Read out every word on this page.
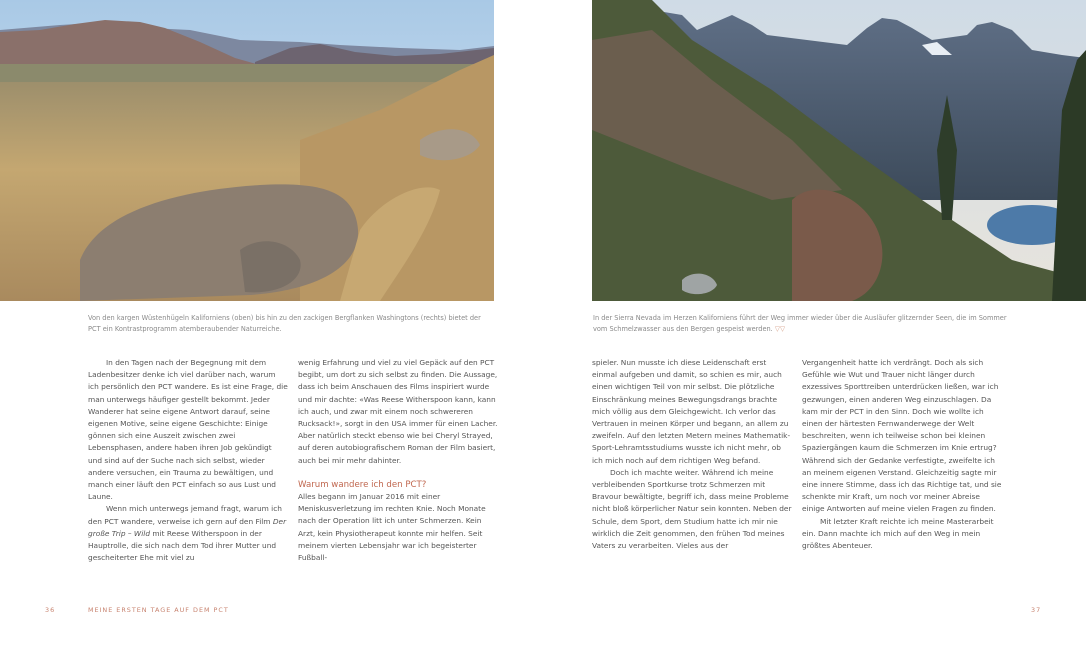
Von den kargen Wüstenhügeln Kaliforniens (oben) bis hin zu den zackigen Bergflanken Washingtons (rechts) bietet der PCT ein Kontrastprogramm atemberaubender Naturreiche.

In den Tagen nach der Begegnung mit dem Ladenbesitzer denke ich viel darüber nach, warum ich persönlich den PCT wandere. Es ist eine Frage, die man unterwegs häufiger gestellt bekommt. Jeder Wanderer hat seine eigene Antwort darauf, seine eigenen Motive, seine eigene Geschichte: Einige gönnen sich eine Auszeit zwischen zwei Lebensphasen, andere haben ihren Job gekündigt und sind auf der Suche nach sich selbst, wieder andere versuchen, ein Trauma zu bewältigen, und manch einer läuft den PCT einfach so aus Lust und Laune.

Wenn mich unterwegs jemand fragt, warum ich den PCT wandere, verweise ich gern auf den Film Der große Trip – Wild mit Reese Witherspoon in der Hauptrolle, die sich nach dem Tod ihrer Mutter und gescheiterter Ehe mit viel zu

wenig Erfahrung und viel zu viel Gepäck auf den PCT begibt, um dort zu sich selbst zu finden. Die Aussage, dass ich beim Anschauen des Films inspiriert wurde und mir dachte: «Was Reese Witherspoon kann, kann ich auch, und zwar mit einem noch schwereren Rucksack!», sorgt in den USA immer für einen Lacher. Aber natürlich steckt ebenso wie bei Cheryl Strayed, auf deren autobiografischem Roman der Film basiert, auch bei mir mehr dahinter.

Warum wandere ich den PCT?

Alles begann im Januar 2016 mit einer Meniskusverletzung im rechten Knie. Noch Monate nach der Operation litt ich unter Schmerzen. Kein Arzt, kein Physiotherapeut konnte mir helfen. Seit meinem vierten Lebensjahr war ich begeisterter Fußball-

36	MEINE ERSTEN TAGE AUF DEM PCT
In der Sierra Nevada im Herzen Kaliforniens führt der Weg immer wieder über die Ausläufer glitzernder Seen, die im Sommer vom Schmelzwasser aus den Bergen gespeist werden. ▽▽

spieler. Nun musste ich diese Leidenschaft erst einmal aufgeben und damit, so schien es mir, auch einen wichtigen Teil von mir selbst. Die plötzliche Einschränkung meines Bewegungsdrangs brachte mich völlig aus dem Gleichgewicht. Ich verlor das Vertrauen in meinen Körper und begann, an allem zu zweifeln. Auf den letzten Metern meines Mathematik-Sport-Lehramtsstudiums wusste ich nicht mehr, ob ich mich noch auf dem richtigen Weg befand.

Doch ich machte weiter. Während ich meine verbleibenden Sportkurse trotz Schmerzen mit Bravour bewältigte, begriff ich, dass meine Probleme nicht bloß körperlicher Natur sein konnten. Neben der Schule, dem Sport, dem Studium hatte ich mir nie wirklich die Zeit genommen, den frühen Tod meines Vaters zu verarbeiten. Vieles aus der

Vergangenheit hatte ich verdrängt. Doch als sich Gefühle wie Wut und Trauer nicht länger durch exzessives Sporttreiben unterdrücken ließen, war ich gezwungen, einen anderen Weg einzuschlagen. Da kam mir der PCT in den Sinn. Doch wie wollte ich einen der härtesten Fernwanderwege der Welt beschreiten, wenn ich teilweise schon bei kleinen Spaziergängen kaum die Schmerzen im Knie ertrug? Während sich der Gedanke verfestigte, zweifelte ich an meinem eigenen Verstand. Gleichzeitig sagte mir eine innere Stimme, dass ich das Richtige tat, und sie schenkte mir Kraft, um noch vor meiner Abreise einige Antworten auf meine vielen Fragen zu finden.

Mit letzter Kraft reichte ich meine Masterarbeit ein. Dann machte ich mich auf den Weg in mein größtes Abenteuer.

37
